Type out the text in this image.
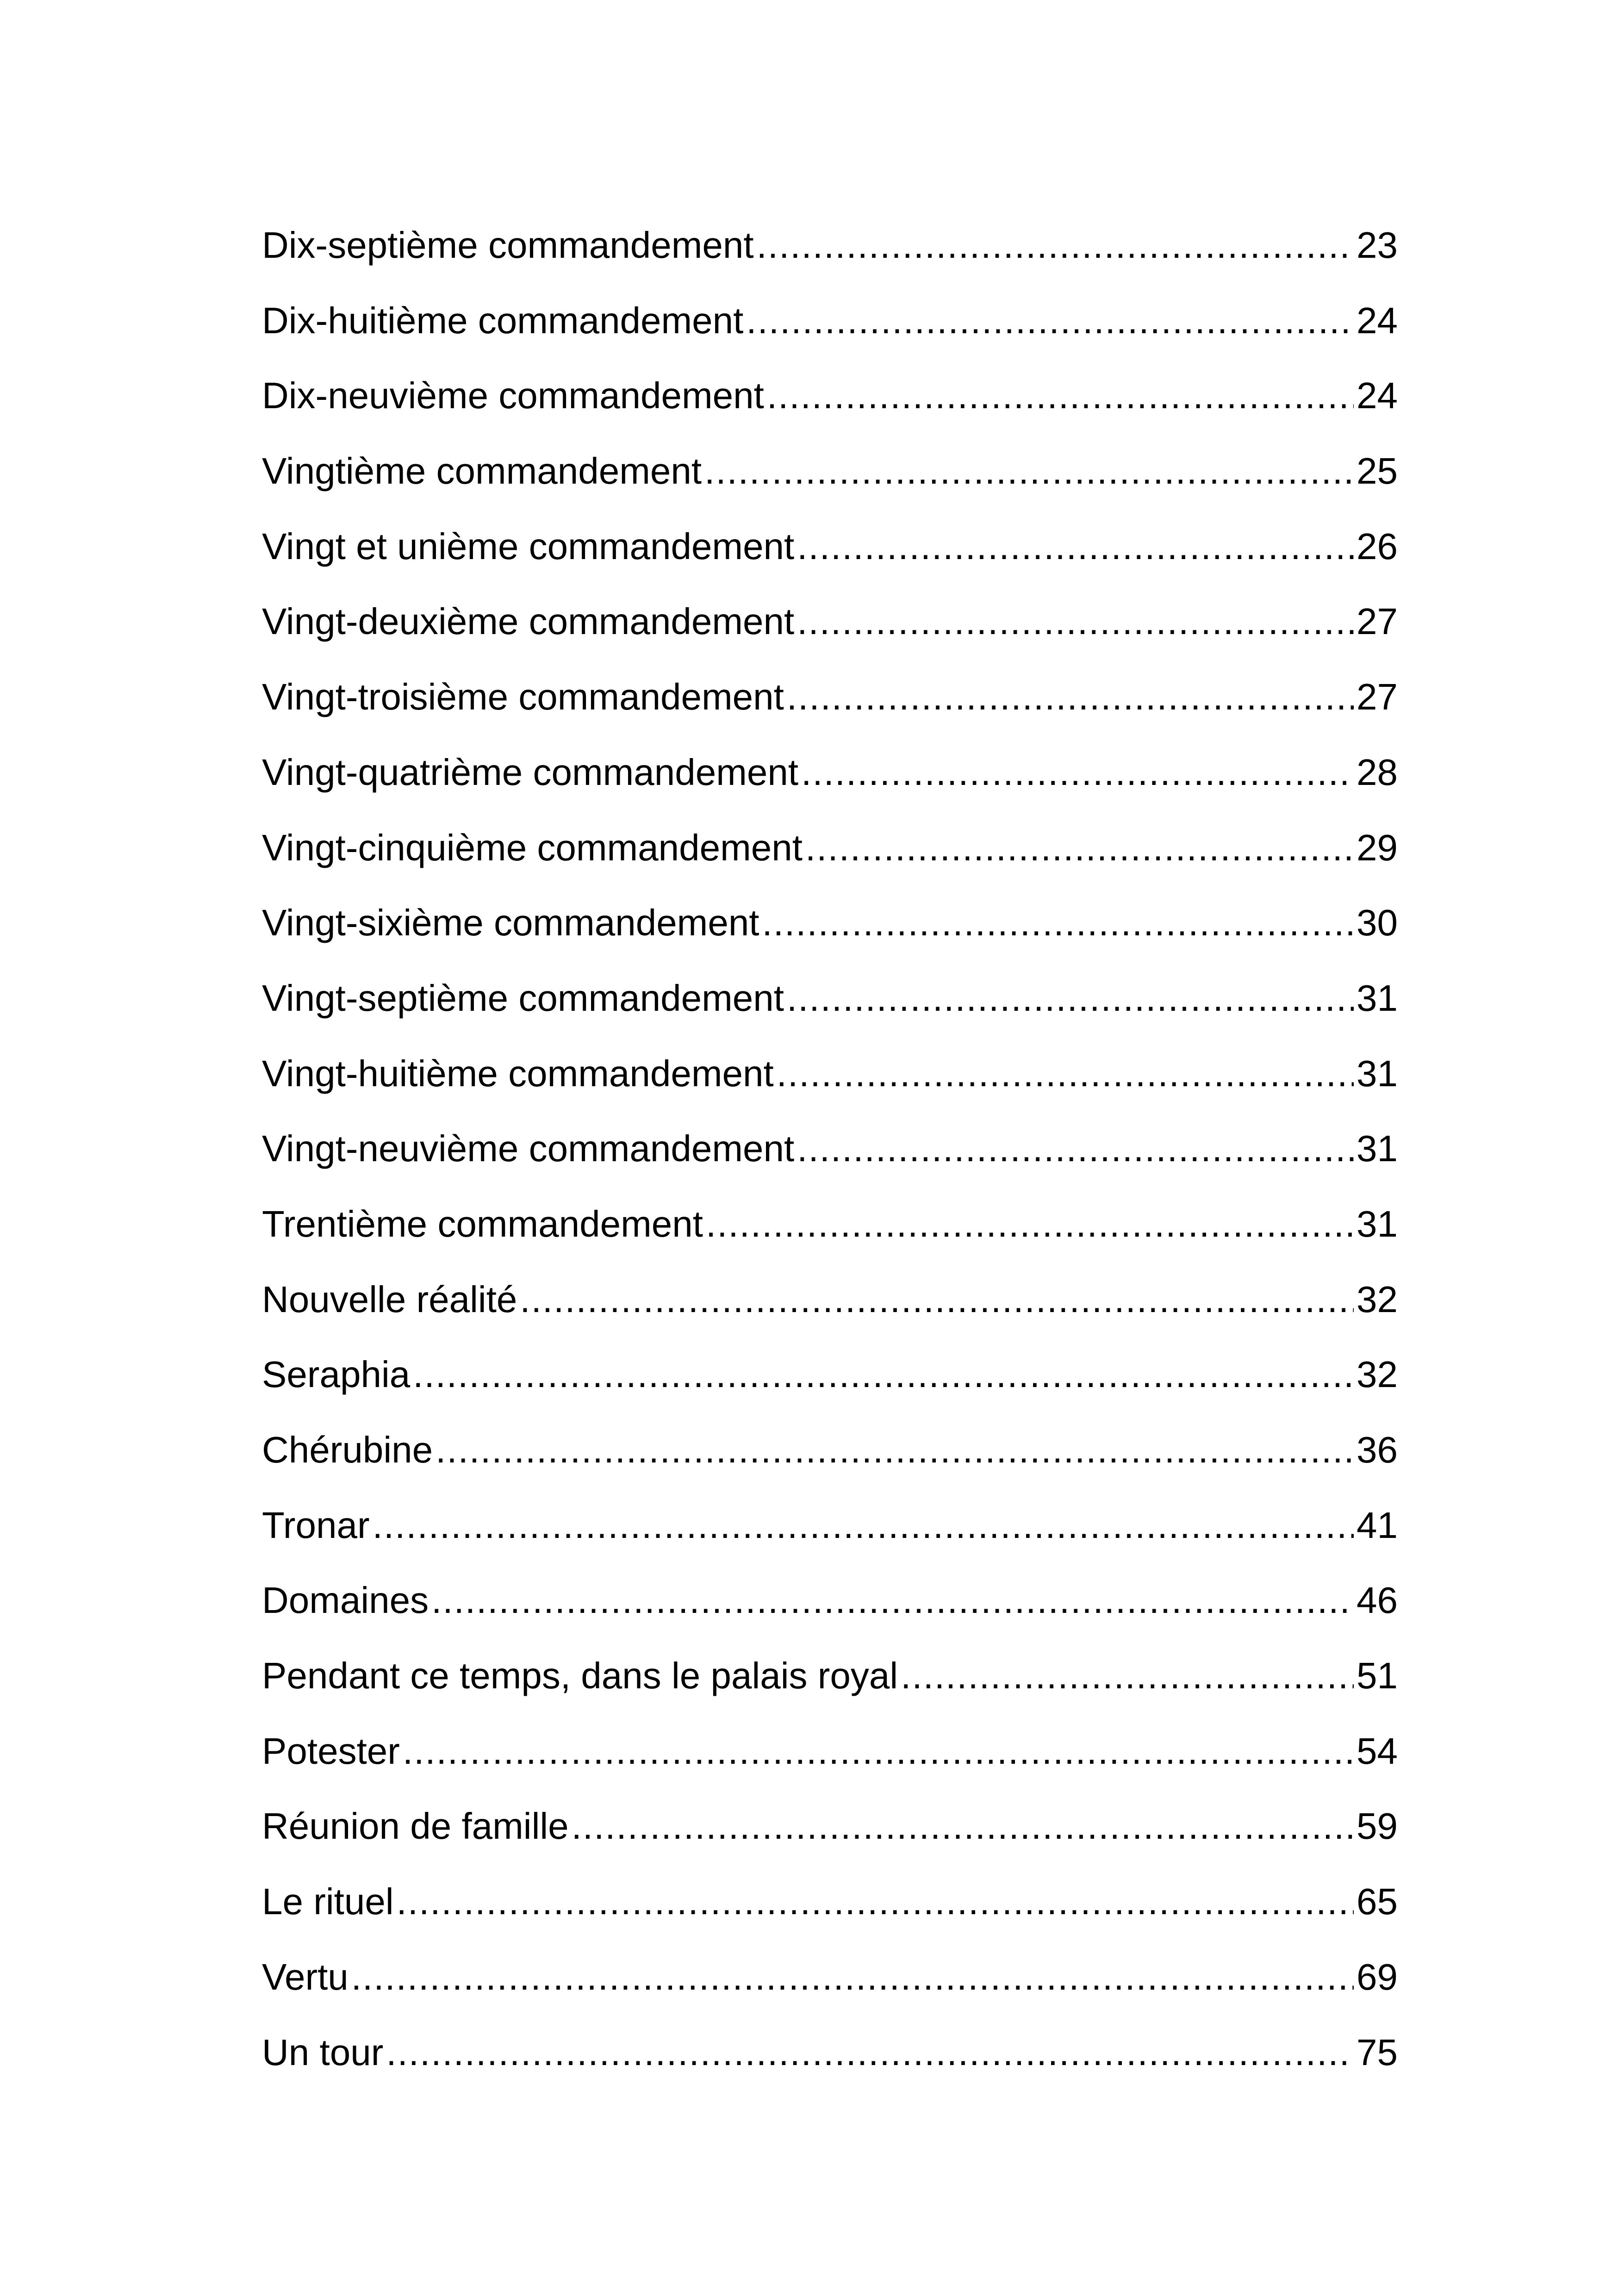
Dix-septième commandement .....	23
Dix-huitième commandement .....	24
Dix-neuvième commandement .....	24
Vingtième commandement .....	25
Vingt et unième commandement .....	26
Vingt-deuxième commandement .....	27
Vingt-troisième commandement .....	27
Vingt-quatrième commandement .....	28
Vingt-cinquième commandement .....	29
Vingt-sixième commandement .....	30
Vingt-septième commandement .....	31
Vingt-huitième commandement .....	31
Vingt-neuvième commandement .....	31
Trentième commandement .....	31
Nouvelle réalité .....	32
Seraphia .....	32
Chérubine .....	36
Tronar .....	41
Domaines .....	46
Pendant ce temps, dans le palais royal .....	51
Potester .....	54
Réunion de famille .....	59
Le rituel .....	65
Vertu .....	69
Un tour .....	75
